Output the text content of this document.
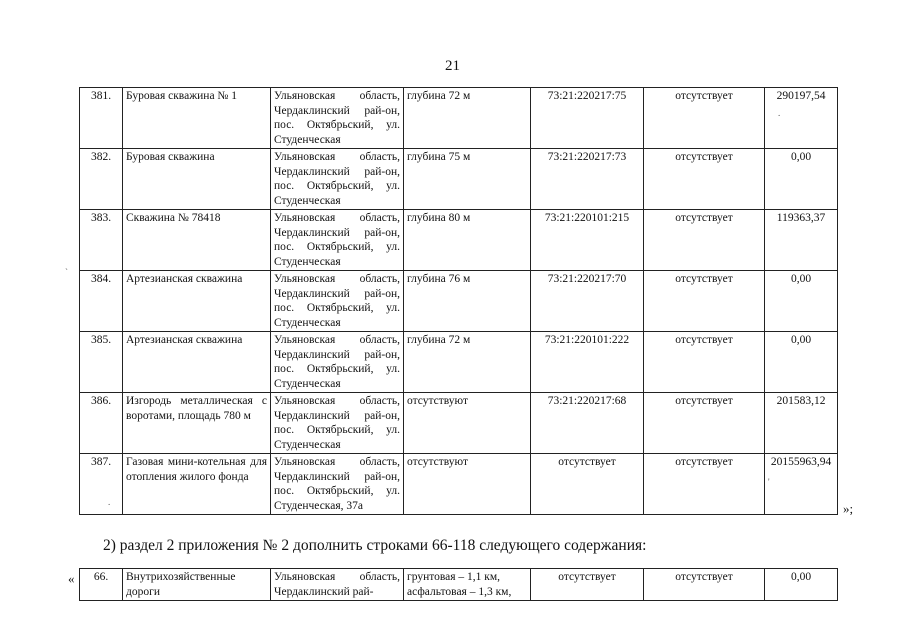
21
381.	Буровая скважина № 1	Ульяновская область, Чердаклинский рай-он, пос. Октябрьский, ул. Студенческая	глубина 72 м	73:21:220217:75	отсутствует	290197,54
382.	Буровая скважина	Ульяновская область, Чердаклинский рай-он, пос. Октябрьский, ул. Студенческая	глубина 75 м	73:21:220217:73	отсутствует	0,00
383.	Скважина № 78418	Ульяновская область, Чердаклинский рай-он, пос. Октябрьский, ул. Студенческая	глубина 80 м	73:21:220101:215	отсутствует	119363,37
384.	Артезианская скважина	Ульяновская область, Чердаклинский рай-он, пос. Октябрьский, ул. Студенческая	глубина 76 м	73:21:220217:70	отсутствует	0,00
385.	Артезианская скважина	Ульяновская область, Чердаклинский рай-он, пос. Октябрьский, ул. Студенческая	глубина 72 м	73:21:220101:222	отсутствует	0,00
386.	Изгородь металлическая с воротами, площадь 780 м	Ульяновская область, Чердаклинский рай-он, пос. Октябрьский, ул. Студенческая	отсутствуют	73:21:220217:68	отсутствует	201583,12
387.	Газовая мини-котельная для отопления жилого фонда	Ульяновская область, Чердаклинский рай-он, пос. Октябрьский, ул. Студенческая, 37а	отсутствуют	отсутствует	отсутствует	20155963,94
»;
2) раздел 2 приложения № 2 дополнить строками 66-118 следующего содержания:
« 66.	Внутрихозяйственные дороги	Ульяновская область, Чердаклинский рай-	грунтовая – 1,1 км, асфальтовая – 1,3 км,	отсутствует	отсутствует	0,00
`
.
.
'
